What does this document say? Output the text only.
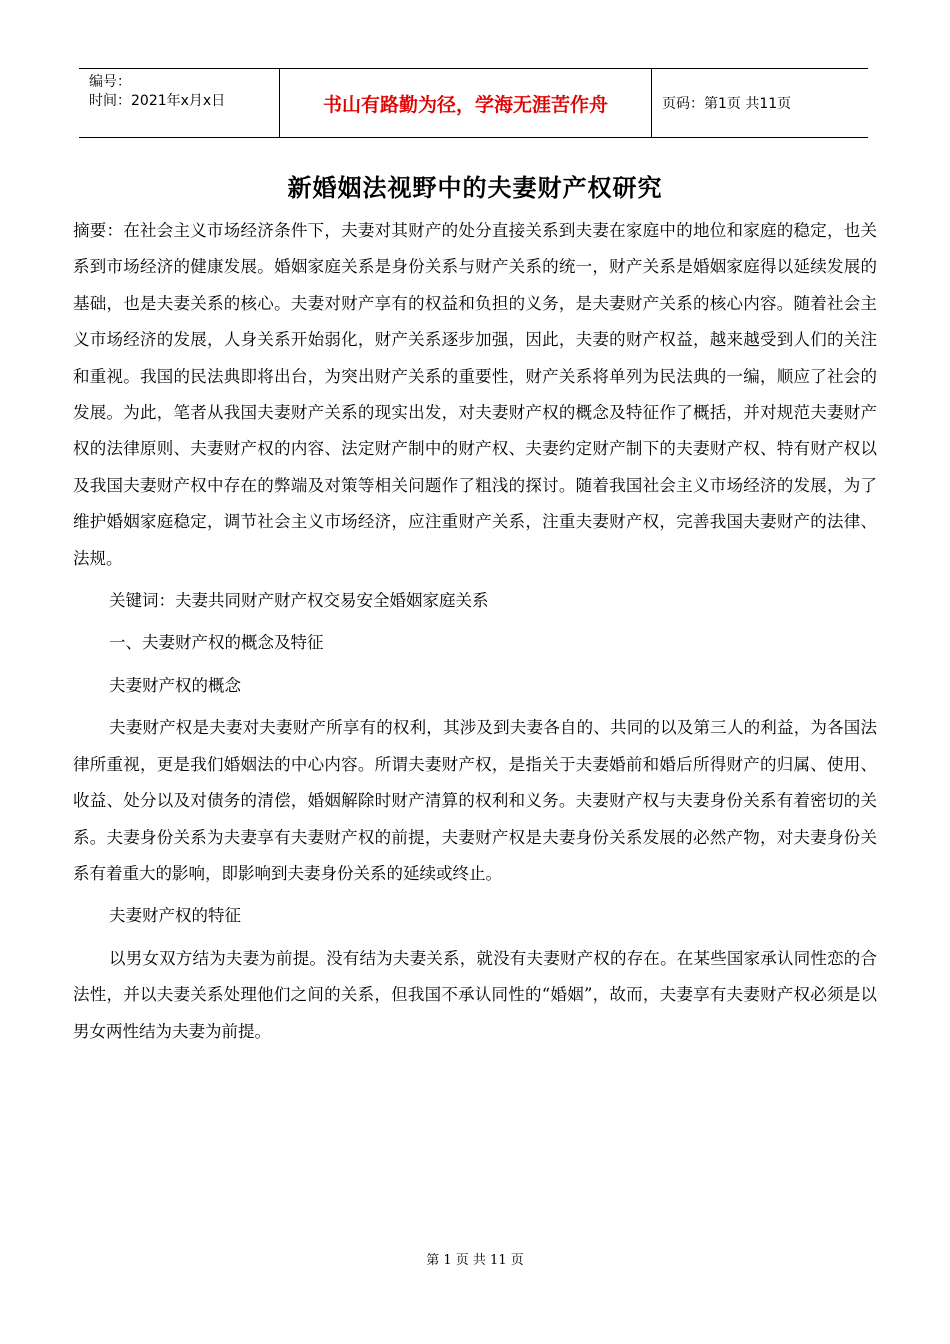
编号：
时间：2021年x月x日	书山有路勤为径，学海无涯苦作舟	页码：第1页 共11页
新婚姻法视野中的夫妻财产权研究

摘要：在社会主义市场经济条件下，夫妻对其财产的处分直接关系到夫妻在家庭中的地位和家庭的稳定，也关系到市场经济的健康发展。婚姻家庭关系是身份关系与财产关系的统一，财产关系是婚姻家庭得以延续发展的基础，也是夫妻关系的核心。夫妻对财产享有的权益和负担的义务，是夫妻财产关系的核心内容。随着社会主义市场经济的发展，人身关系开始弱化，财产关系逐步加强，因此，夫妻的财产权益，越来越受到人们的关注和重视。我国的民法典即将出台，为突出财产关系的重要性，财产关系将单列为民法典的一编，顺应了社会的发展。为此，笔者从我国夫妻财产关系的现实出发，对夫妻财产权的概念及特征作了概括，并对规范夫妻财产权的法律原则、夫妻财产权的内容、法定财产制中的财产权、夫妻约定财产制下的夫妻财产权、特有财产权以及我国夫妻财产权中存在的弊端及对策等相关问题作了粗浅的探讨。随着我国社会主义市场经济的发展，为了维护婚姻家庭稳定，调节社会主义市场经济，应注重财产关系，注重夫妻财产权，完善我国夫妻财产的法律、法规。

关键词：夫妻共同财产财产权交易安全婚姻家庭关系

一、夫妻财产权的概念及特征

夫妻财产权的概念

夫妻财产权是夫妻对夫妻财产所享有的权利，其涉及到夫妻各自的、共同的以及第三人的利益，为各国法律所重视，更是我们婚姻法的中心内容。所谓夫妻财产权，是指关于夫妻婚前和婚后所得财产的归属、使用、收益、处分以及对债务的清偿，婚姻解除时财产清算的权利和义务。夫妻财产权与夫妻身份关系有着密切的关系。夫妻身份关系为夫妻享有夫妻财产权的前提，夫妻财产权是夫妻身份关系发展的必然产物，对夫妻身份关系有着重大的影响，即影响到夫妻身份关系的延续或终止。

夫妻财产权的特征

以男女双方结为夫妻为前提。没有结为夫妻关系，就没有夫妻财产权的存在。在某些国家承认同性恋的合法性，并以夫妻关系处理他们之间的关系，但我国不承认同性的“婚姻”，故而，夫妻享有夫妻财产权必须是以男女两性结为夫妻为前提。

第 1 页 共 11 页
